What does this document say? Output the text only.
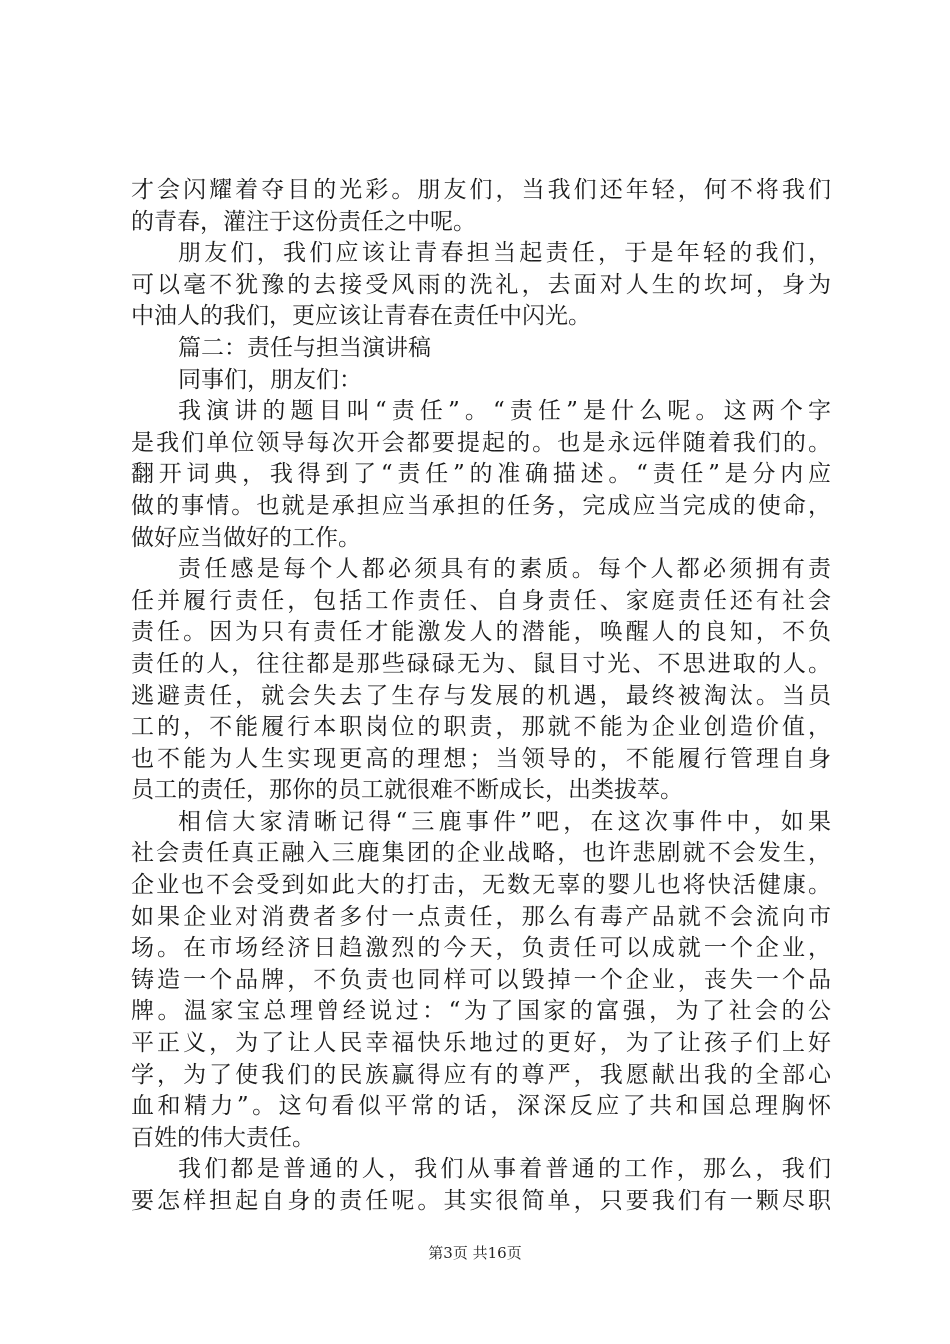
才会闪耀着夺目的光彩。朋友们，当我们还年轻，何不将我们
的青春，灌注于这份责任之中呢。
朋友们，我们应该让青春担当起责任，于是年轻的我们，
可以毫不犹豫的去接受风雨的洗礼，去面对人生的坎坷，身为
中油人的我们，更应该让青春在责任中闪光。
篇二：责任与担当演讲稿
同事们，朋友们：
我演讲的题目叫“责任”。“责任”是什么呢。这两个字
是我们单位领导每次开会都要提起的。也是永远伴随着我们的。
翻开词典，我得到了“责任”的准确描述。“责任”是分内应
做的事情。也就是承担应当承担的任务，完成应当完成的使命，
做好应当做好的工作。
责任感是每个人都必须具有的素质。每个人都必须拥有责
任并履行责任，包括工作责任、自身责任、家庭责任还有社会
责任。因为只有责任才能激发人的潜能，唤醒人的良知，不负
责任的人，往往都是那些碌碌无为、鼠目寸光、不思进取的人。
逃避责任，就会失去了生存与发展的机遇，最终被淘汰。当员
工的，不能履行本职岗位的职责，那就不能为企业创造价值，
也不能为人生实现更高的理想；当领导的，不能履行管理自身
员工的责任，那你的员工就很难不断成长，出类拔萃。
相信大家清晰记得“三鹿事件”吧，在这次事件中，如果
社会责任真正融入三鹿集团的企业战略，也许悲剧就不会发生，
企业也不会受到如此大的打击，无数无辜的婴儿也将快活健康。
如果企业对消费者多付一点责任，那么有毒产品就不会流向市
场。在市场经济日趋激烈的今天，负责任可以成就一个企业，
铸造一个品牌，不负责也同样可以毁掉一个企业，丧失一个品
牌。温家宝总理曾经说过：“为了国家的富强，为了社会的公
平正义，为了让人民幸福快乐地过的更好，为了让孩子们上好
学，为了使我们的民族赢得应有的尊严，我愿献出我的全部心
血和精力”。这句看似平常的话，深深反应了共和国总理胸怀
百姓的伟大责任。
我们都是普通的人，我们从事着普通的工作，那么，我们
要怎样担起自身的责任呢。其实很简单，只要我们有一颗尽职
第3页 共16页
